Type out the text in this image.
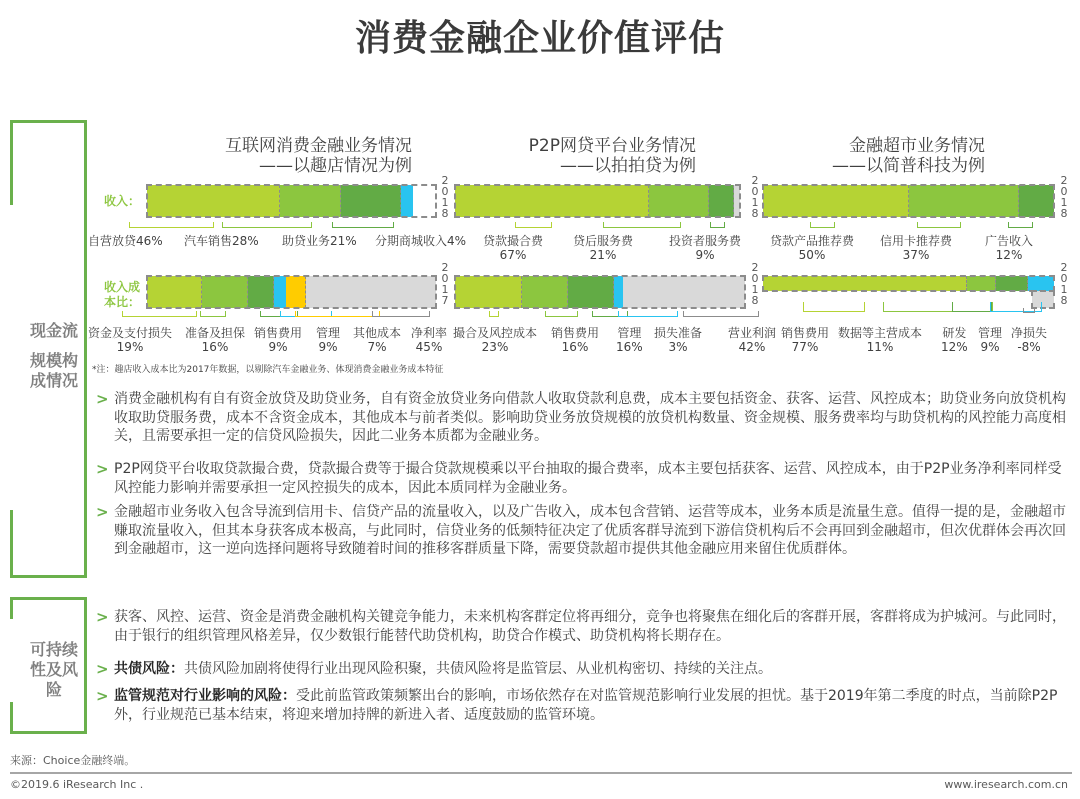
消费金融企业价值评估
现金流
规模构
成情况
可持续
性及风
险
收入：
收入成
本比：
互联网消费金融业务情况
——以趣店情况为例
2
0
1
8
自营放贷46% 汽车销售28% 助贷业务21% 分期商城收入4%
2
0
1
7
资金及支付损失
19%
准备及担保
16%
销售费用
9%
管理
9%
其他成本
7%
净利率
45%
P2P网贷平台业务情况
——以拍拍贷为例
2
0
1
8
贷款撮合费
67%
贷后服务费
21%
投资者服务费
9%
2
0
1
8
撮合及风控成本
23%
销售费用
16%
管理
16%
损失准备
3%
营业利润
42%
金融超市业务情况
——以简普科技为例
2
0
1
8
贷款产品推荐费
50%
信用卡推荐费
37%
广告收入
12%
2
0
1
8
销售费用
77%
数据等主营成本
11%
研发
12%
管理
9%
净损失
-8%
*注：趣店收入成本比为2017年数据，以剔除汽车金融业务、体现消费金融业务成本特征
> 消费金融机构有自有资金放贷及助贷业务，自有资金放贷业务向借款人收取贷款利息费，成本主要包括资金、获客、运营、风控成本；助贷业务向放贷机构收取助贷服务费，成本不含资金成本，其他成本与前者类似。影响助贷业务放贷规模的放贷机构数量、资金规模、服务费率均与助贷机构的风控能力高度相关，且需要承担一定的信贷风险损失，因此二业务本质都为金融业务。
> P2P网贷平台收取贷款撮合费，贷款撮合费等于撮合贷款规模乘以平台抽取的撮合费率，成本主要包括获客、运营、风控成本，由于P2P业务净利率同样受风控能力影响并需要承担一定风控损失的成本，因此本质同样为金融业务。
> 金融超市业务收入包含导流到信用卡、信贷产品的流量收入，以及广告收入，成本包含营销、运营等成本，业务本质是流量生意。值得一提的是，金融超市赚取流量收入，但其本身获客成本极高，与此同时，信贷业务的低频特征决定了优质客群导流到下游信贷机构后不会再回到金融超市，但次优群体会再次回到金融超市，这一逆向选择问题将导致随着时间的推移客群质量下降，需要贷款超市提供其他金融应用来留住优质群体。
> 获客、风控、运营、资金是消费金融机构关键竞争能力，未来机构客群定位将再细分，竞争也将聚焦在细化后的客群开展，客群将成为护城河。与此同时，由于银行的组织管理风格差异，仅少数银行能替代助贷机构，助贷合作模式、助贷机构将长期存在。
> 共债风险：共债风险加剧将使得行业出现风险积聚，共债风险将是监管层、从业机构密切、持续的关注点。
> 监管规范对行业影响的风险：受此前监管政策频繁出台的影响，市场依然存在对监管规范影响行业发展的担忧。基于2019年第二季度的时点，当前除P2P外，行业规范已基本结束，将迎来增加持牌的新进入者、适度鼓励的监管环境。
来源：Choice金融终端。
©2019.6 iResearch Inc .	www.iresearch.com.cn
